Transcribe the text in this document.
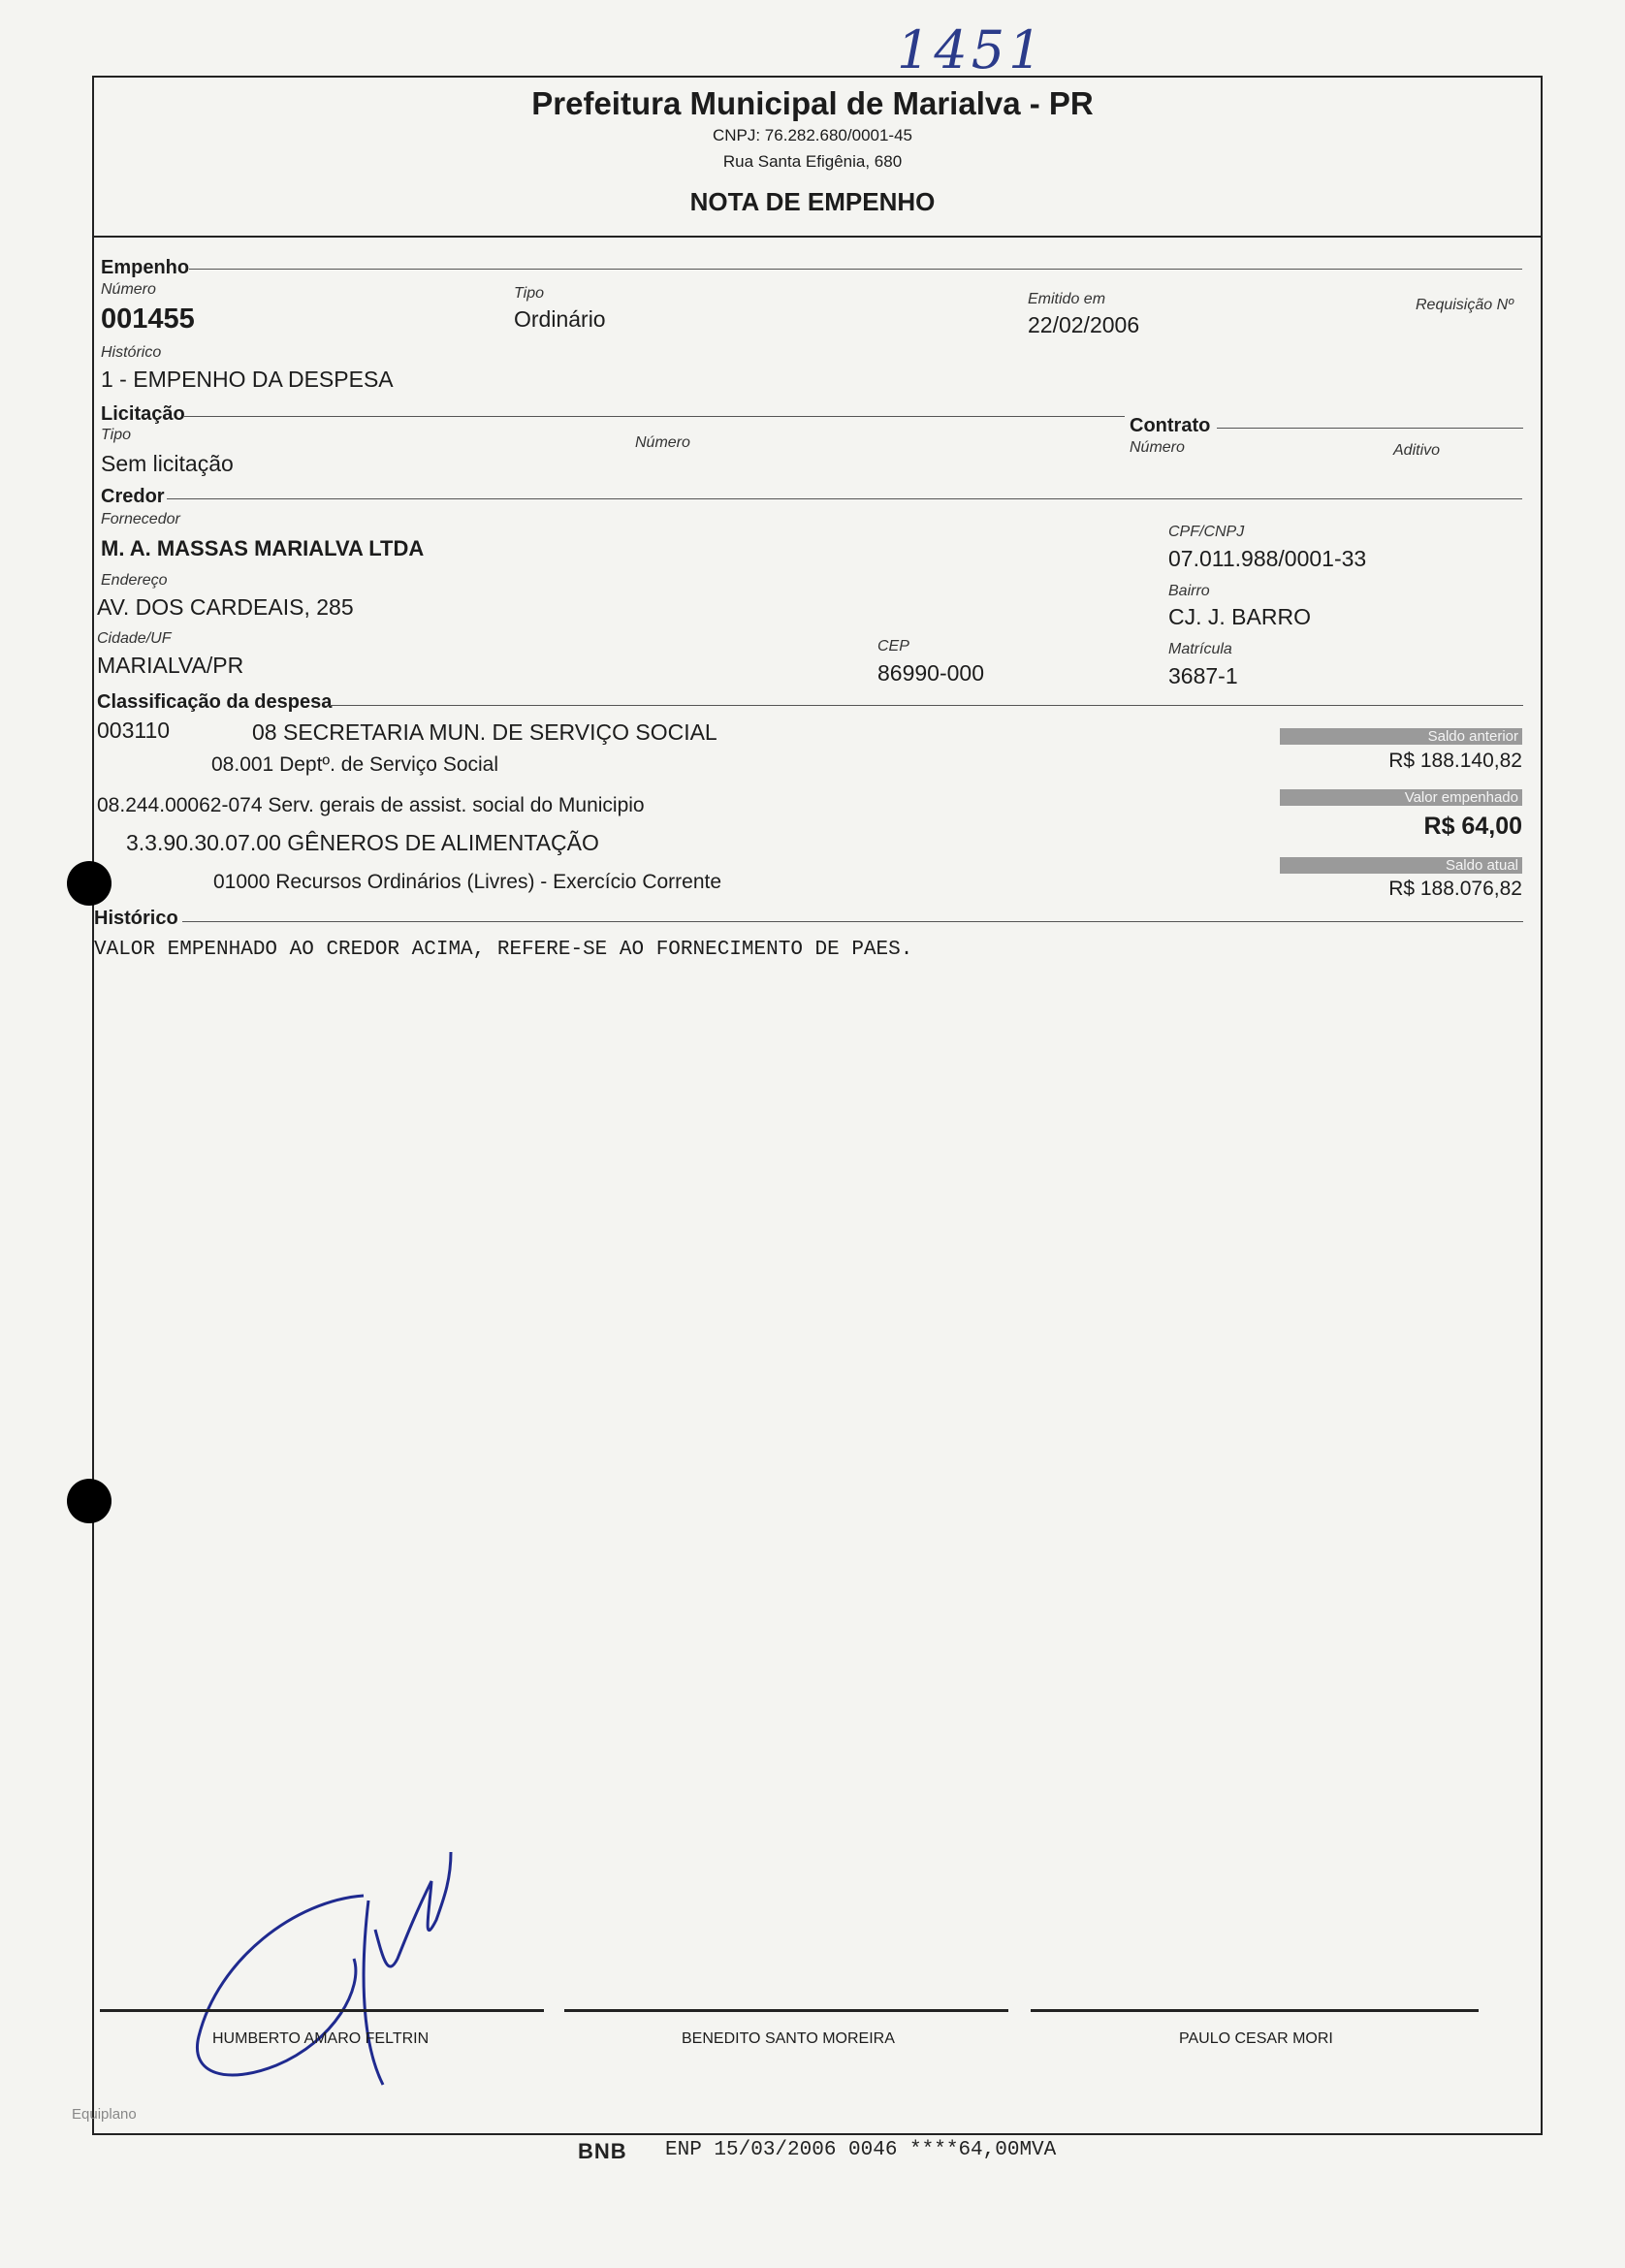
1451
Prefeitura Municipal de Marialva - PR
CNPJ: 76.282.680/0001-45
Rua Santa Efigênia, 680
NOTA DE EMPENHO
Empenho
Número
001455
Tipo
Ordinário
Emitido em
22/02/2006
Requisição Nº
Histórico
1 - EMPENHO DA DESPESA
Licitação
Tipo
Sem licitação
Número
Contrato
Número	Aditivo
Credor
Fornecedor
M. A. MASSAS MARIALVA LTDA
CPF/CNPJ
07.011.988/0001-33
Endereço
AV. DOS CARDEAIS, 285
Bairro
CJ. J. BARRO
Cidade/UF
MARIALVA/PR
CEP
86990-000
Matrícula
3687-1
Classificação da despesa
003110	08 SECRETARIA MUN. DE SERVIÇO SOCIAL
08.001 Deptº. de Serviço Social
08.244.00062-074 Serv. gerais de assist. social do Municipio
3.3.90.30.07.00 GÊNEROS DE ALIMENTAÇÃO
01000 Recursos Ordinários (Livres) - Exercício Corrente
Saldo anterior
R$ 188.140,82
Valor empenhado
R$ 64,00
Saldo atual
R$ 188.076,82
Histórico
VALOR EMPENHADO AO CREDOR ACIMA, REFERE-SE AO FORNECIMENTO DE PAES.
HUMBERTO AMARO FELTRIN	BENEDITO SANTO MOREIRA	PAULO CESAR MORI
Equiplano
BNB ENP 15/03/2006 0046 ****64,00MVA
